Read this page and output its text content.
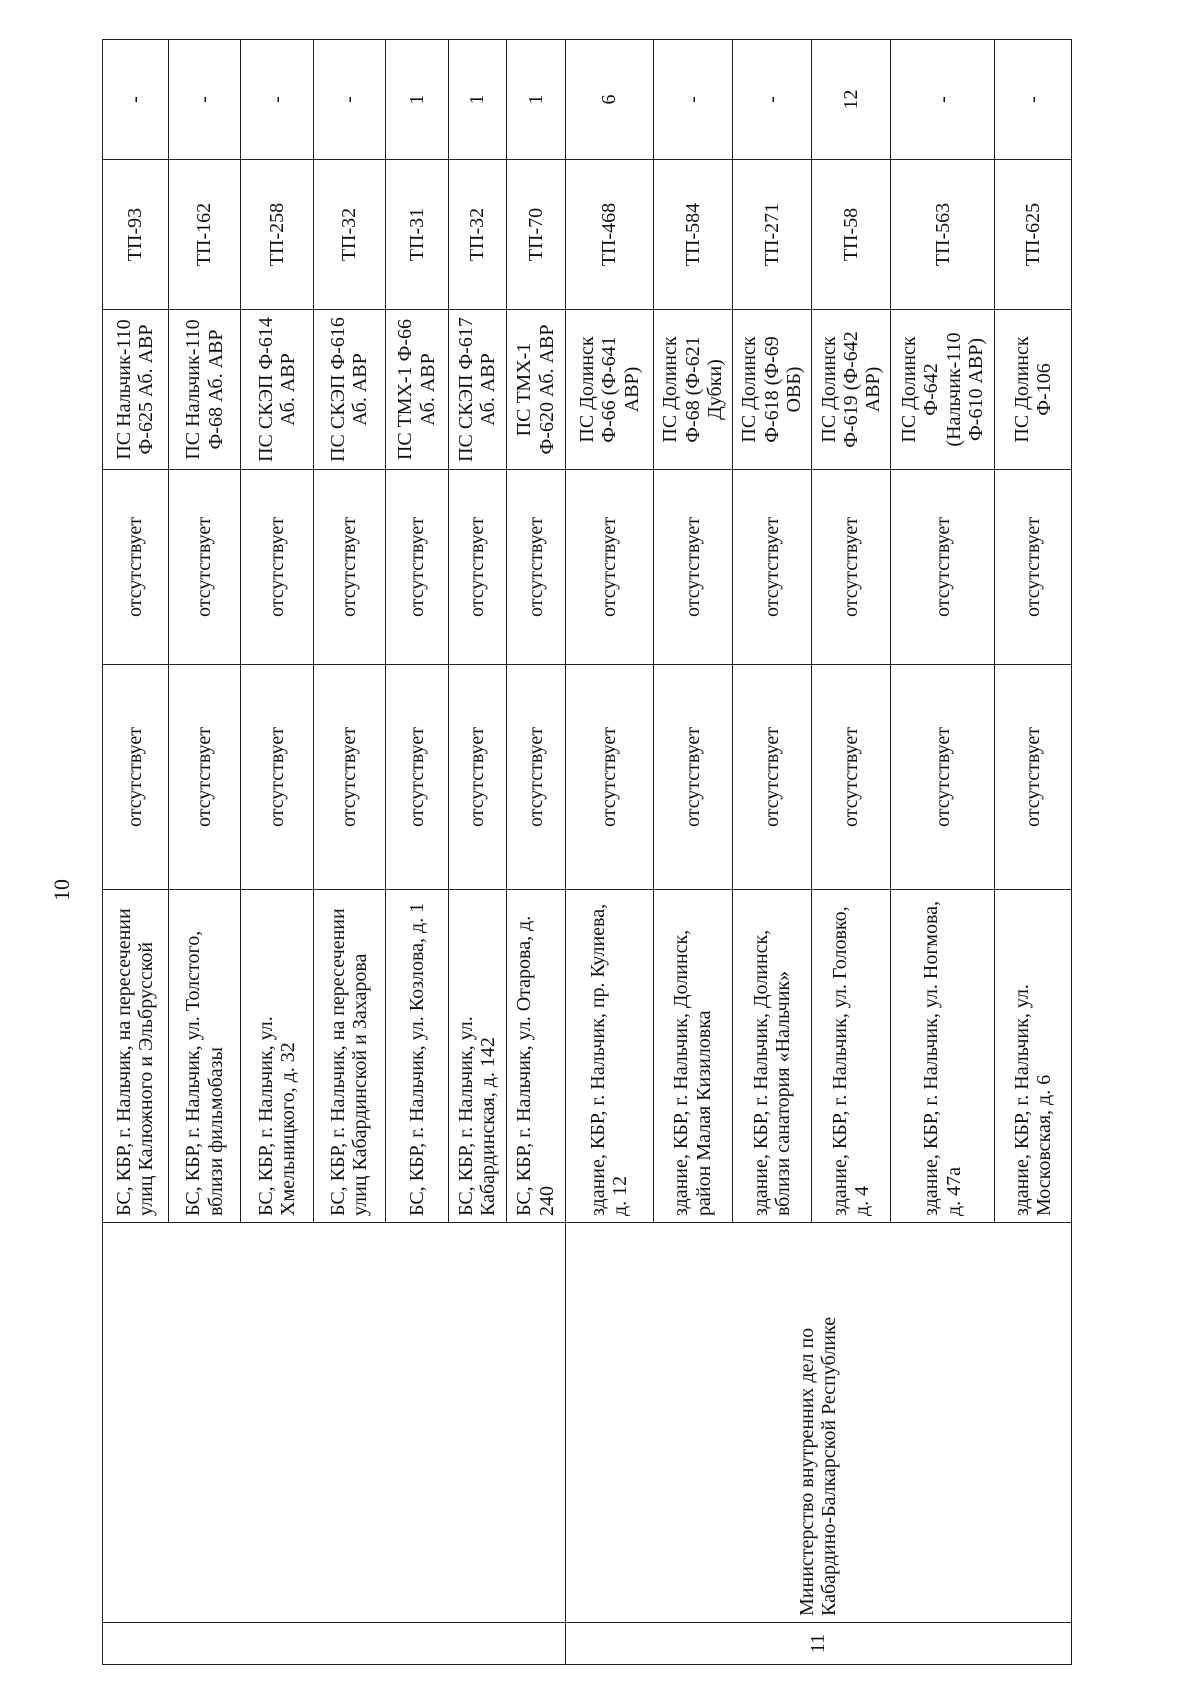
10
		БС, КБР, г. Нальчик, на пересечении улиц Калюжного и Эльбрусской	отсутствует	отсутствует	ПС Нальчик-110 Ф-625 Аб. АВР	ТП-93	-
		БС, КБР, г. Нальчик, ул. Толстого, вблизи фильмобазы	отсутствует	отсутствует	ПС Нальчик-110 Ф-68 Аб. АВР	ТП-162	-
		БС, КБР, г. Нальчик, ул. Хмельницкого, д. 32	отсутствует	отсутствует	ПС СКЭП Ф-614 Аб. АВР	ТП-258	-
		БС, КБР, г. Нальчик, на пересечении улиц Кабардинской и Захарова	отсутствует	отсутствует	ПС СКЭП Ф-616 Аб. АВР	ТП-32	-
		БС, КБР, г. Нальчик, ул. Козлова, д. 1	отсутствует	отсутствует	ПС ТМХ-1 Ф-66 Аб. АВР	ТП-31	1
		БС, КБР, г. Нальчик, ул. Кабардинская, д. 142	отсутствует	отсутствует	ПС СКЭП Ф-617 Аб. АВР	ТП-32	1
		БС, КБР, г. Нальчик, ул. Отарова, д. 240	отсутствует	отсутствует	ПС ТМХ-1 Ф-620 Аб. АВР	ТП-70	1
11	Министерство внутренних дел по Кабардино-Балкарской Республике	здание, КБР, г. Нальчик, пр. Кулиева, д. 12	отсутствует	отсутствует	ПС Долинск Ф-66 (Ф-641 АВР)	ТП-468	6
		здание, КБР, г. Нальчик, Долинск, район Малая Кизиловка	отсутствует	отсутствует	ПС Долинск Ф-68 (Ф-621 Дубки)	ТП-584	-
		здание, КБР, г. Нальчик, Долинск, вблизи санатория «Нальчик»	отсутствует	отсутствует	ПС Долинск Ф-618 (Ф-69 ОВБ)	ТП-271	-
		здание, КБР, г. Нальчик, ул. Головко, д. 4	отсутствует	отсутствует	ПС Долинск Ф-619 (Ф-642 АВР)	ТП-58	12
		здание, КБР, г. Нальчик, ул. Ногмова, д. 47а	отсутствует	отсутствует	ПС Долинск Ф-642 (Нальчик-110 Ф-610 АВР)	ТП-563	-
		здание, КБР, г. Нальчик, ул. Московская, д. 6	отсутствует	отсутствует	ПС Долинск Ф-106	ТП-625	-
